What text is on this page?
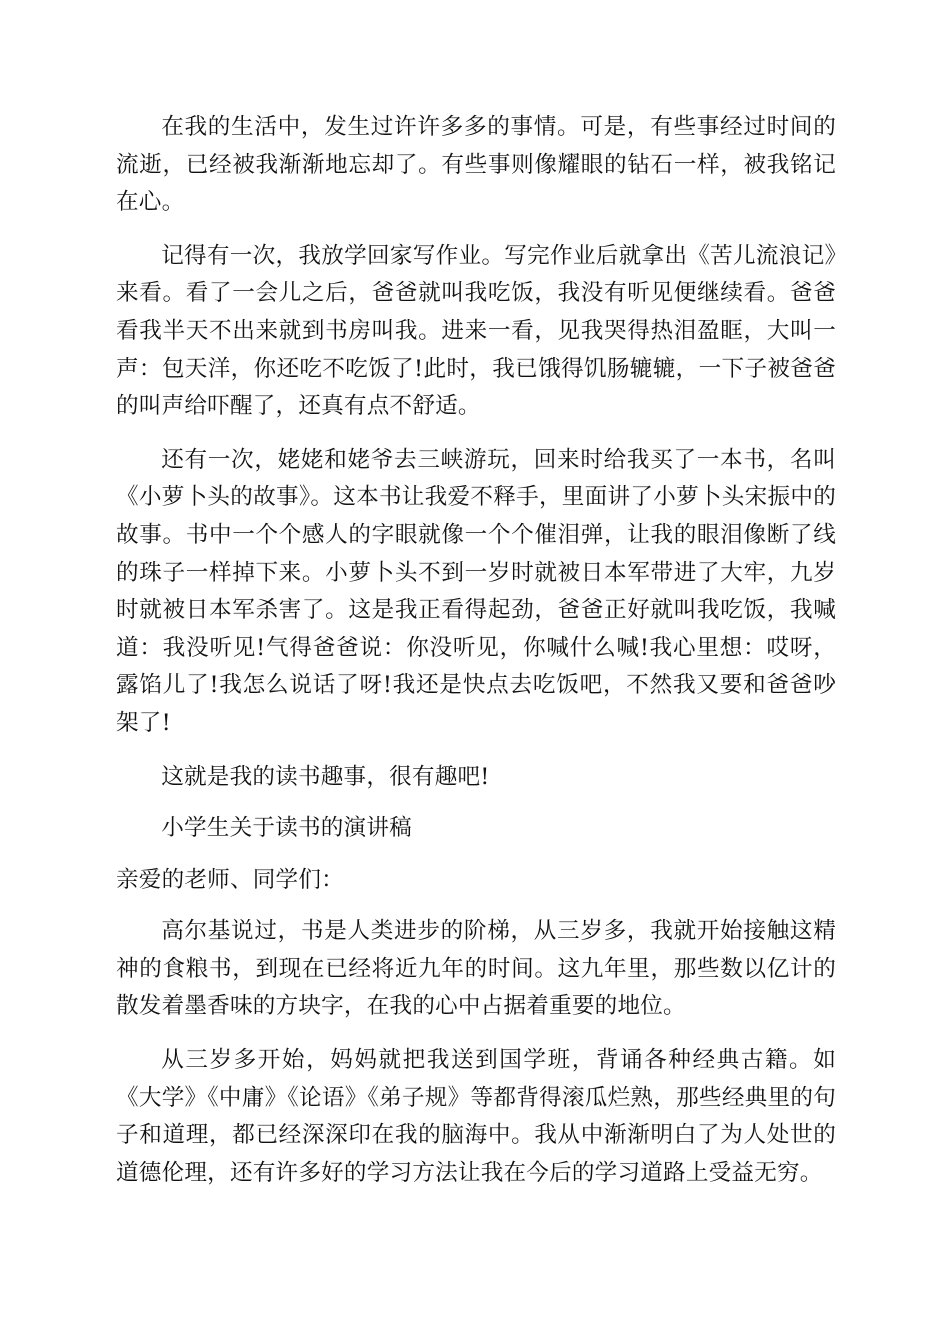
在我的生活中，发生过许许多多的事情。可是，有些事经过时间的流逝，已经被我渐渐地忘却了。有些事则像耀眼的钻石一样，被我铭记在心。

记得有一次，我放学回家写作业。写完作业后就拿出《苦儿流浪记》来看。看了一会儿之后，爸爸就叫我吃饭，我没有听见便继续看。爸爸看我半天不出来就到书房叫我。进来一看，见我哭得热泪盈眶，大叫一声：包天洋，你还吃不吃饭了!此时，我已饿得饥肠辘辘，一下子被爸爸的叫声给吓醒了，还真有点不舒适。

还有一次，姥姥和姥爷去三峡游玩，回来时给我买了一本书，名叫《小萝卜头的故事》。这本书让我爱不释手，里面讲了小萝卜头宋振中的故事。书中一个个感人的字眼就像一个个催泪弹，让我的眼泪像断了线的珠子一样掉下来。小萝卜头不到一岁时就被日本军带进了大牢，九岁时就被日本军杀害了。这是我正看得起劲，爸爸正好就叫我吃饭，我喊道：我没听见!气得爸爸说：你没听见，你喊什么喊!我心里想：哎呀，露馅儿了!我怎么说话了呀!我还是快点去吃饭吧，不然我又要和爸爸吵架了!

这就是我的读书趣事，很有趣吧!

小学生关于读书的演讲稿

亲爱的老师、同学们：

高尔基说过，书是人类进步的阶梯，从三岁多，我就开始接触这精神的食粮书，到现在已经将近九年的时间。这九年里，那些数以亿计的散发着墨香味的方块字，在我的心中占据着重要的地位。

从三岁多开始，妈妈就把我送到国学班，背诵各种经典古籍。如《大学》《中庸》《论语》《弟子规》等都背得滚瓜烂熟，那些经典里的句子和道理，都已经深深印在我的脑海中。我从中渐渐明白了为人处世的道德伦理，还有许多好的学习方法让我在今后的学习道路上受益无穷。
